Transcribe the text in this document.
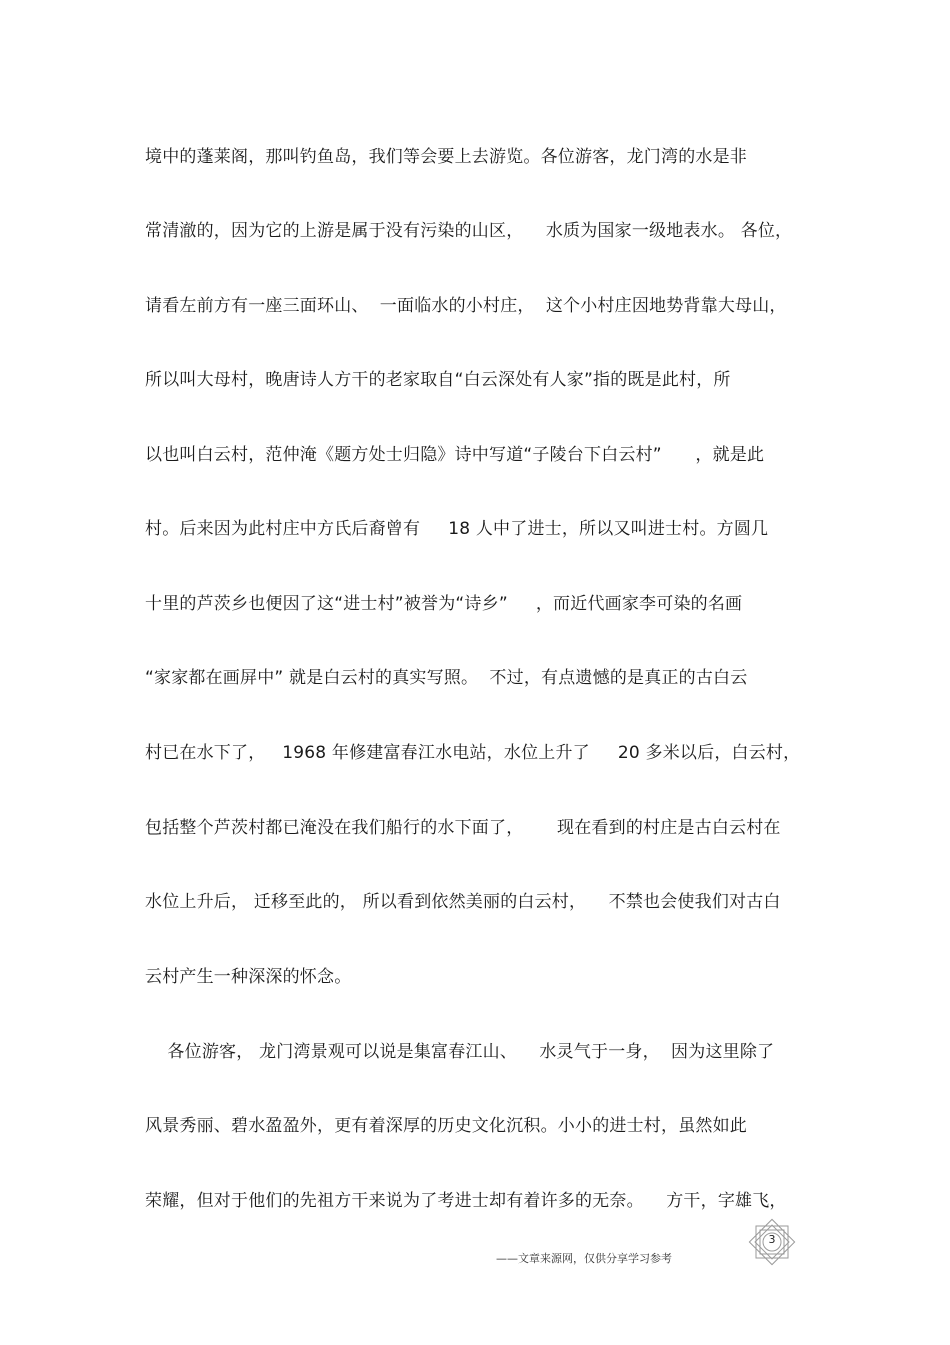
境中的蓬莱阁，那叫钓鱼岛，我们等会要上去游览。各位游客，龙门湾的水是非
常清澈的，因为它的上游是属于没有污染的山区，    水质为国家一级地表水。 各位，
请看左前方有一座三面环山、  一面临水的小村庄，  这个小村庄因地势背靠大母山，
所以叫大母村，晚唐诗人方干的老家取自“白云深处有人家”指的既是此村，所
以也叫白云村，范仲淹《题方处士归隐》诗中写道“子陵台下白云村”      ，就是此
村。后来因为此村庄中方氏后裔曾有     18 人中了进士，所以又叫进士村。方圆几
十里的芦茨乡也便因了这“进士村”被誉为“诗乡”     ，而近代画家李可染的名画
“家家都在画屏中” 就是白云村的真实写照。  不过，有点遗憾的是真正的古白云
村已在水下了，   1968 年修建富春江水电站，水位上升了     20 多米以后，白云村，
包括整个芦茨村都已淹没在我们船行的水下面了，      现在看到的村庄是古白云村在
水位上升后， 迁移至此的， 所以看到依然美丽的白云村，    不禁也会使我们对古白
云村产生一种深深的怀念。
各位游客， 龙门湾景观可以说是集富春江山、    水灵气于一身，  因为这里除了
风景秀丽、碧水盈盈外，更有着深厚的历史文化沉积。小小的进士村，虽然如此
荣耀，但对于他们的先祖方干来说为了考进士却有着许多的无奈。    方干，字雄飞，
3
——文章来源网，仅供分享学习参考
